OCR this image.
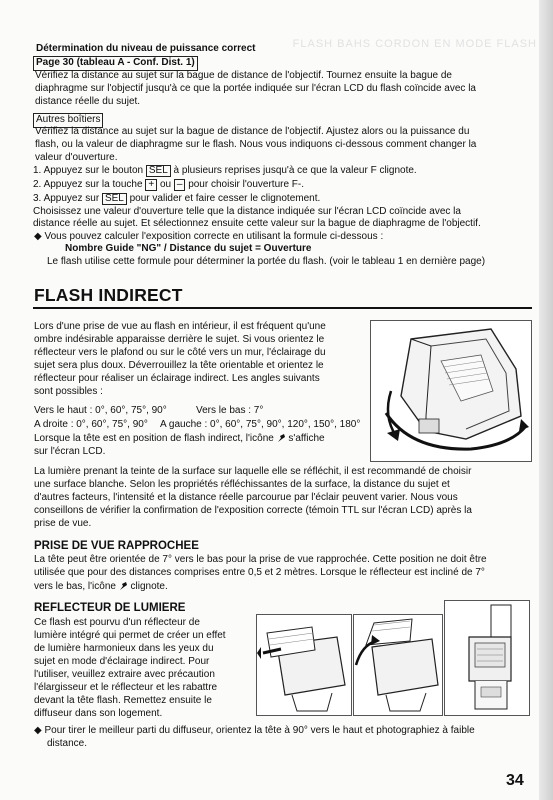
Détermination du niveau de puissance correct
Page 30 (tableau A - Conf. Dist. 1)
Vérifiez la distance au sujet sur la bague de distance de l'objectif. Tournez ensuite la bague de
diaphragme sur l'objectif jusqu'à ce que la portée indiquée sur l'écran LCD du flash coïncide avec la
distance réelle du sujet.
Autres boîtiers
Vérifiez la distance au sujet sur la bague de distance de l'objectif. Ajustez alors ou la puissance du
flash, ou la valeur de diaphragme sur le flash. Nous vous indiquons ci-dessous comment changer la
valeur d'ouverture.
1. Appuyez sur le bouton SEL à plusieurs reprises jusqu'à ce que la valeur F clignote.
2. Appuyez sur la touche + ou – pour choisir l'ouverture F-.
3. Appuyez sur SEL pour valider et faire cesser le clignotement.
Choisissez une valeur d'ouverture telle que la distance indiquée sur l'écran LCD coïncide avec la
distance réelle au sujet. Et sélectionnez ensuite cette valeur sur la bague de diaphragme de l'objectif.
◆ Vous pouvez calculer l'exposition correcte en utilisant la formule ci-dessous :
Nombre Guide "NG" / Distance du sujet = Ouverture
Le flash utilise cette formule pour déterminer la portée du flash. (voir le tableau 1 en dernière page)
FLASH INDIRECT
Lors d'une prise de vue au flash en intérieur, il est fréquent qu'une
ombre indésirable apparaisse derrière le sujet. Si vous orientez le
réflecteur vers le plafond ou sur le côté vers un mur, l'éclairage du
sujet sera plus doux. Déverrouillez la tête orientable et orientez le
réflecteur pour réaliser un éclairage indirect. Les angles suivants
sont possibles :
Vers le haut : 0°, 60°, 75°, 90°	Vers le bas : 7°
A droite : 0°, 60°, 75°, 90° A gauche : 0°, 60°, 75°, 90°, 120°, 150°, 180°
Lorsque la tête est en position de flash indirect, l'icône s'affiche
sur l'écran LCD.
La lumière prenant la teinte de la surface sur laquelle elle se réfléchit, il est recommandé de choisir
une surface blanche. Selon les propriétés réfléchissantes de la surface, la distance du sujet et
d'autres facteurs, l'intensité et la distance réelle parcourue par l'éclair peuvent varier. Nous vous
conseillons de vérifier la confirmation de l'exposition correcte (témoin TTL sur l'écran LCD) après la
prise de vue.
PRISE DE VUE RAPPROCHEE
La tête peut être orientée de 7° vers le bas pour la prise de vue rapprochée. Cette position ne doit être
utilisée que pour des distances comprises entre 0,5 et 2 mètres. Lorsque le réflecteur est incliné de 7°
vers le bas, l'icône clignote.
REFLECTEUR DE LUMIERE
Ce flash est pourvu d'un réflecteur de
lumière intégré qui permet de créer un effet
de lumière harmonieux dans les yeux du
sujet en mode d'éclairage indirect. Pour
l'utiliser, veuillez extraire avec précaution
l'élargisseur et le réflecteur et les rabattre
devant la tête flash. Remettez ensuite le
diffuseur dans son logement.
◆ Pour tirer le meilleur parti du diffuseur, orientez la tête à 90° vers le haut et photographiez à faible
distance.
34
FLASH BAHS CORDON EN MODE FLASH
